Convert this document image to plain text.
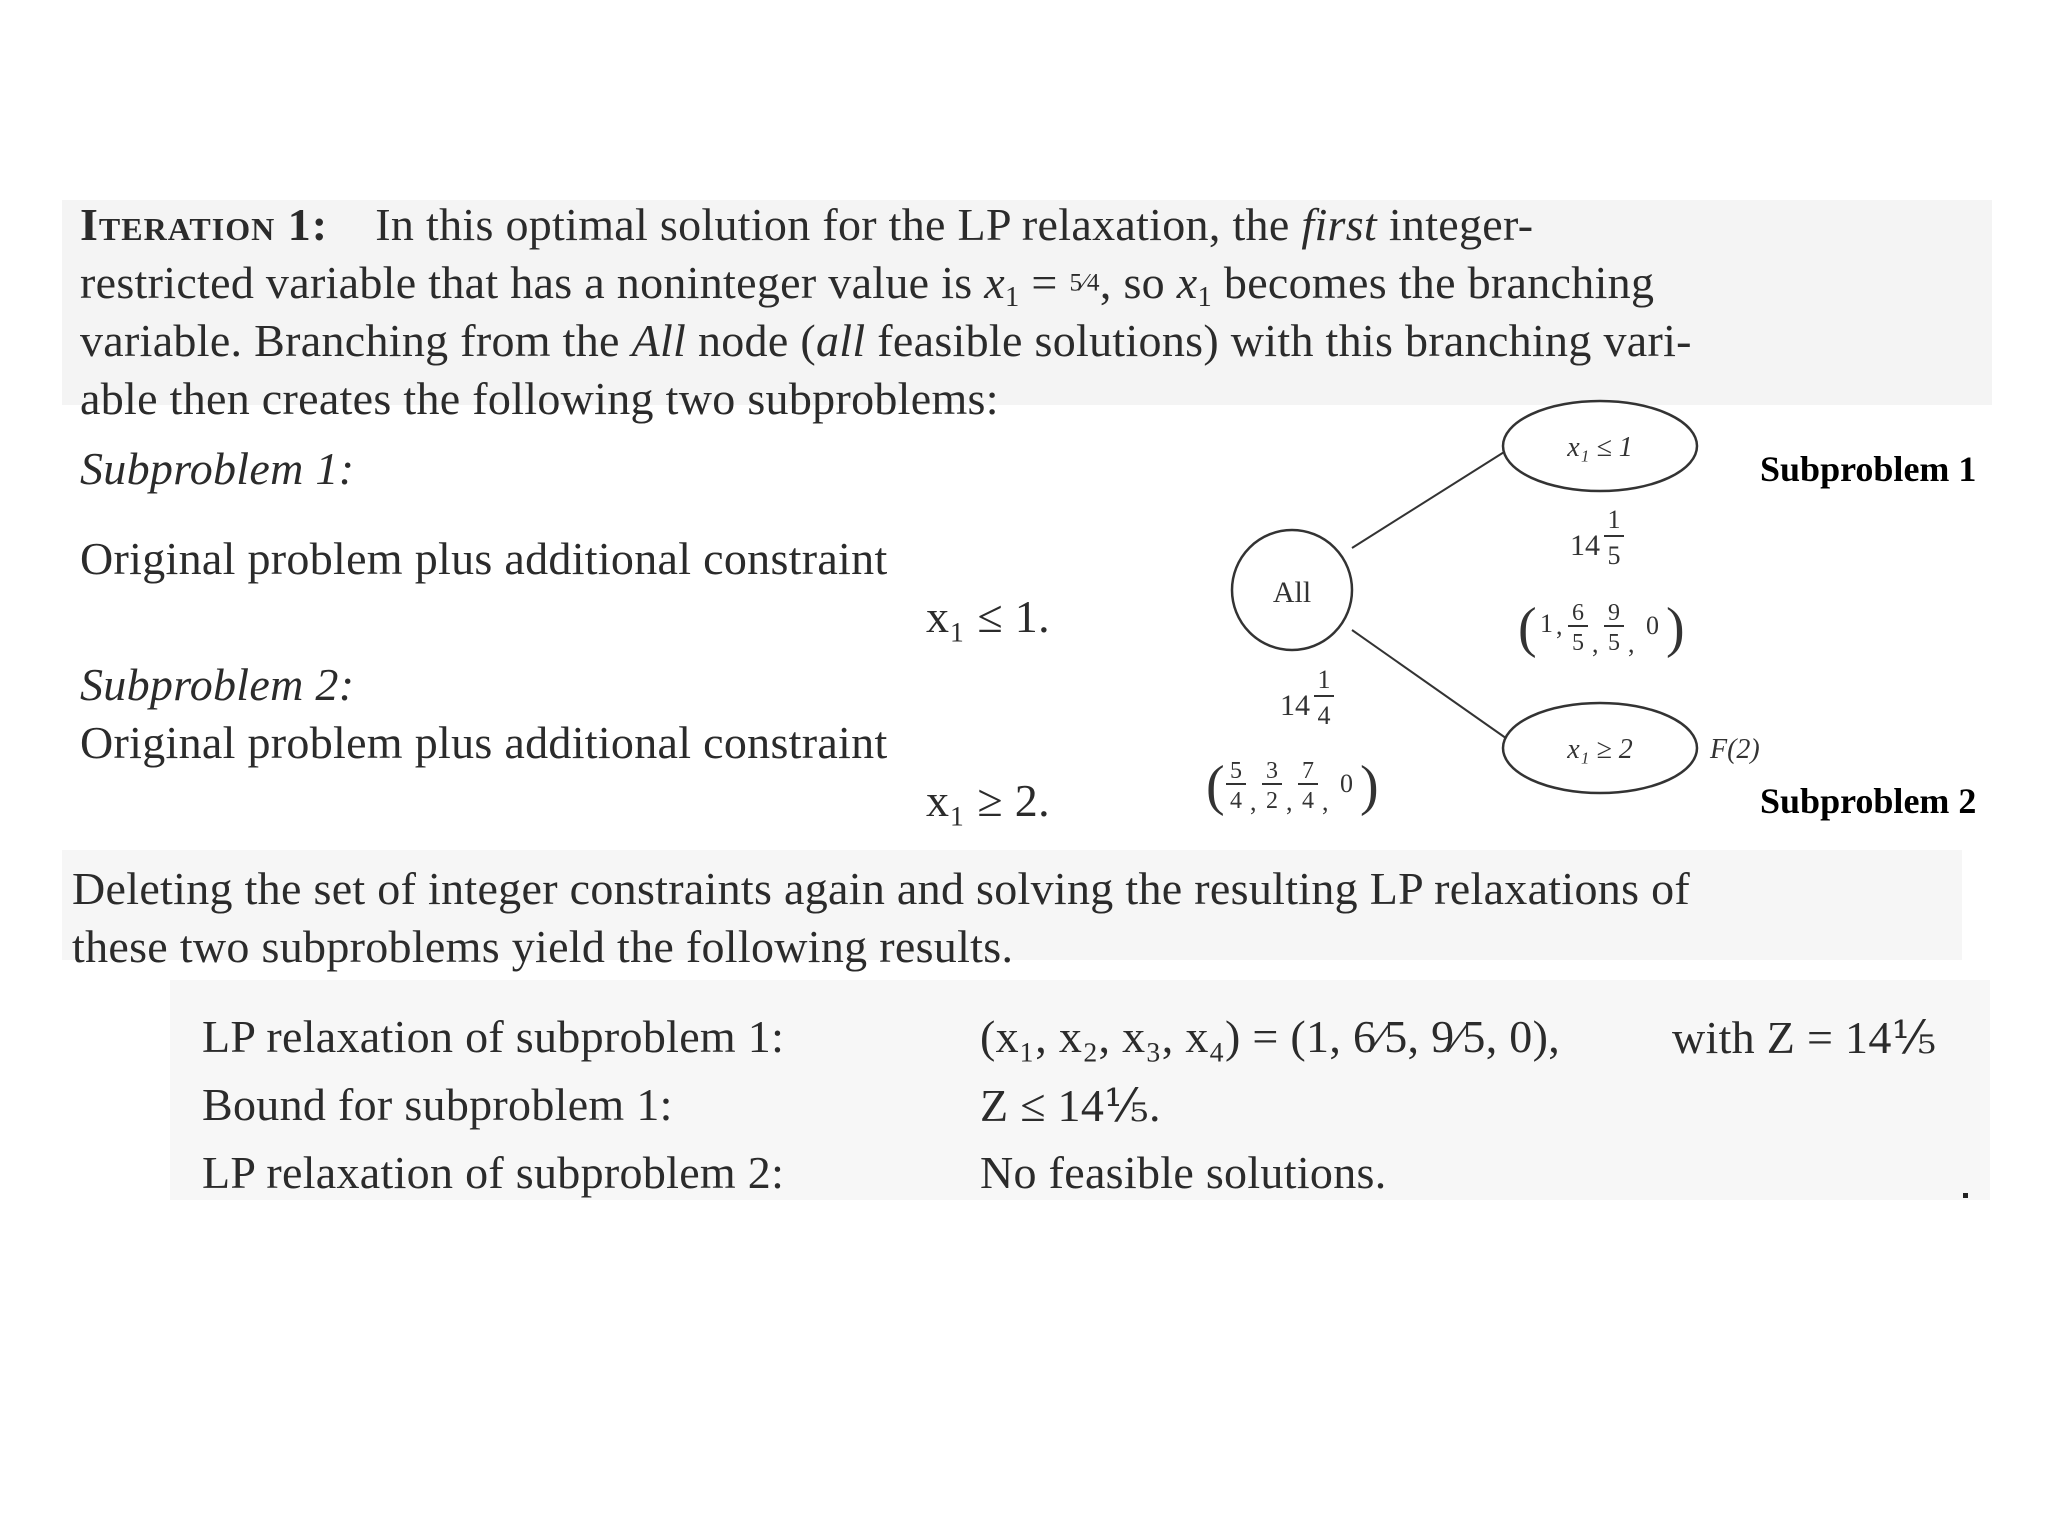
Iteration 1: In this optimal solution for the LP relaxation, the first integer-
restricted variable that has a noninteger value is $x_1$ = 5⁄4, so $x_1$ becomes the branching
variable. Branching from the All node (all feasible solutions) with this branching vari-
able then creates the following two subproblems:
Subproblem 1:
Original problem plus additional constraint
x₁ ≤ 1.
Subproblem 2:
Original problem plus additional constraint
x₁ ≥ 2.
All
x₁ ≤ 1
x₁ ≥ 2	F(2)
14
1
5
( 1 , 6
5 ,
9
5 ,
0 )
14
1
4
( 5
4 ,
3
2 ,
7
4 ,
0 )
Subproblem 1
Subproblem 2
Deleting the set of integer constraints again and solving the resulting LP relaxations of
these two subproblems yield the following results.
LP relaxation of subproblem 1:	(x₁, x₂, x₃, x₄) = (1, 6⁄5, 9⁄5, 0), with Z = 14⅕
Bound for subproblem 1:	Z ≤ 14⅕.
LP relaxation of subproblem 2:	No feasible solutions.
